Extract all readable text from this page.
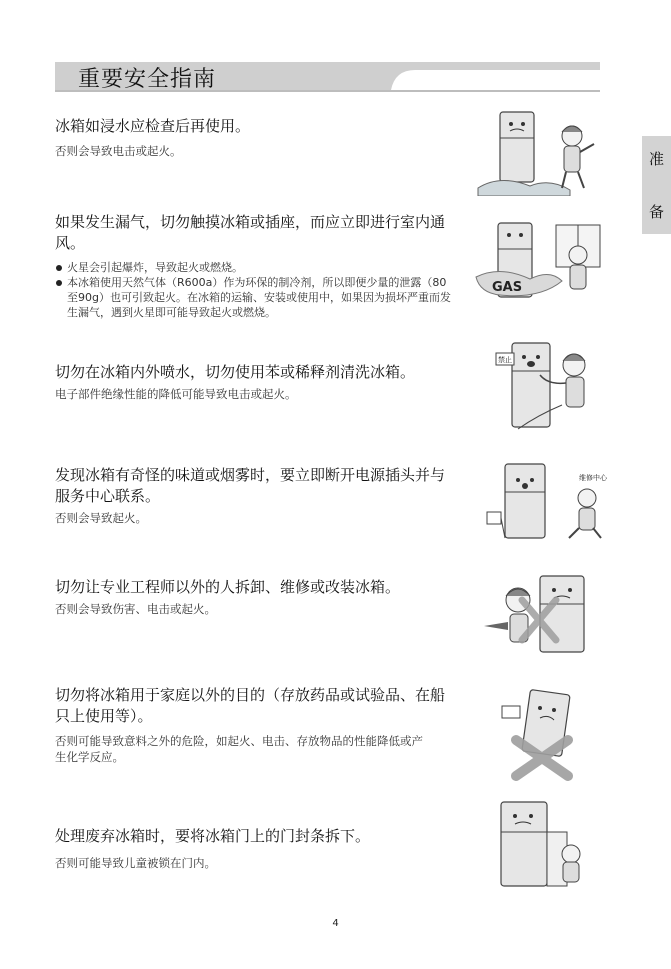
重要安全指南
准
备
冰箱如浸水应检查后再使用。

否则会导致电击或起火。

如果发生漏气，切勿触摸冰箱或插座，而应立即进行室内通风。
火星会引起爆炸，导致起火或燃烧。
本冰箱使用天然气体（R600a）作为环保的制冷剂，所以即便少量的泄露（80至90g）也可引致起火。在冰箱的运输、安装或使用中，如果因为损坏严重而发生漏气，遇到火星即可能导致起火或燃烧。
切勿在冰箱内外喷水，切勿使用苯或稀释剂清洗冰箱。

电子部件绝缘性能的降低可能导致电击或起火。

发现冰箱有奇怪的味道或烟雾时，要立即断开电源插头并与服务中心联系。

否则会导致起火。

切勿让专业工程师以外的人拆卸、维修或改装冰箱。

否则会导致伤害、电击或起火。

切勿将冰箱用于家庭以外的目的（存放药品或试验品、在船只上使用等）。

否则可能导致意料之外的危险，如起火、电击、存放物品的性能降低或产生化学反应。

处理废弃冰箱时，要将冰箱门上的门封条拆下。

否则可能导致儿童被锁在门内。

GAS
禁止
维修中心
4
